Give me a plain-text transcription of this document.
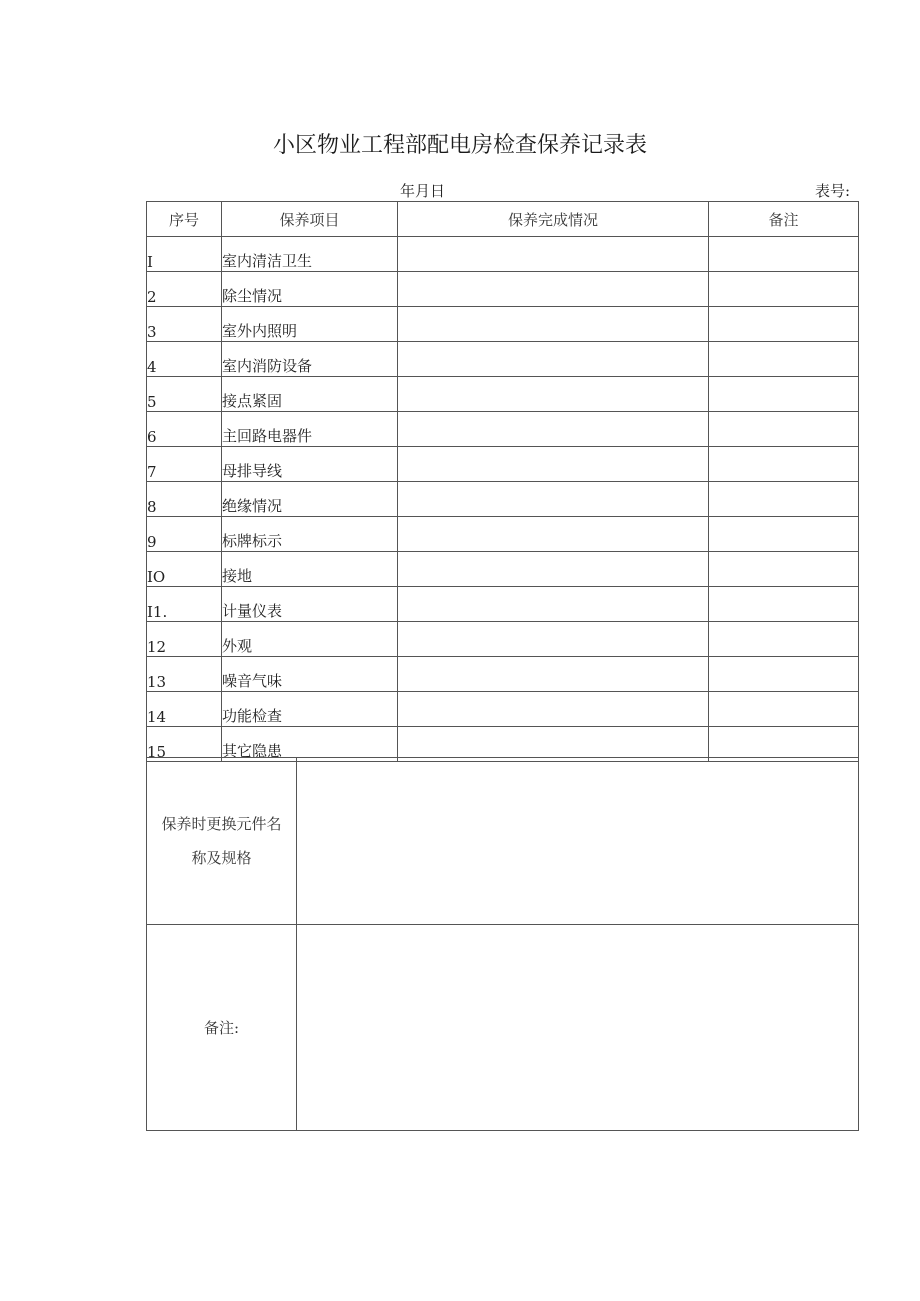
小区物业工程部配电房检查保养记录表
年月日	表号:
序号	保养项目	保养完成情况	备注
I	室内清洁卫生		
2	除尘情况		
3	室外内照明		
4	室内消防设备		
5	接点紧固		
6	主回路电器件		
7	母排导线		
8	绝缘情况		
9	标牌标示		
IO	接地		
I1.	计量仪表		
12	外观		
13	噪音气味		
14	功能检查		
15	其它隐患		
保养时更换元件名
称及规格	

备注:	
